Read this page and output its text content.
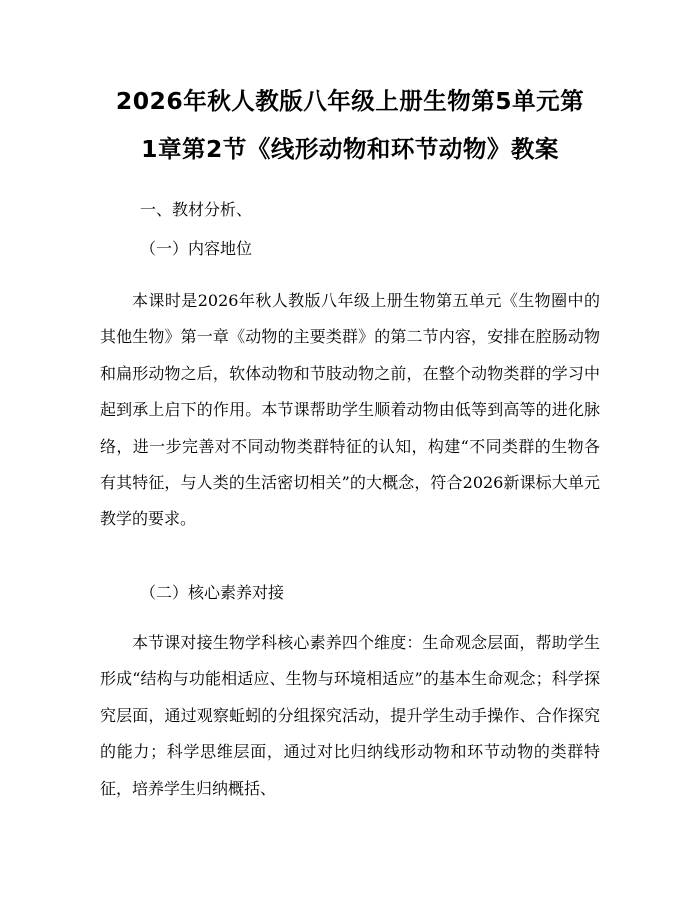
2026年秋人教版八年级上册生物第5单元第
1章第2节《线形动物和环节动物》教案
一、教材分析、
（一）内容地位

本课时是2026年秋人教版八年级上册生物第五单元《生物圈中的其他生物》第一章《动物的主要类群》的第二节内容，安排在腔肠动物和扁形动物之后，软体动物和节肢动物之前，在整个动物类群的学习中起到承上启下的作用。本节课帮助学生顺着动物由低等到高等的进化脉络，进一步完善对不同动物类群特征的认知，构建“不同类群的生物各有其特征，与人类的生活密切相关”的大概念，符合2026新课标大单元教学的要求。

（二）核心素养对接

本节课对接生物学科核心素养四个维度：生命观念层面，帮助学生形成“结构与功能相适应、生物与环境相适应”的基本生命观念；科学探究层面，通过观察蚯蚓的分组探究活动，提升学生动手操作、合作探究的能力；科学思维层面，通过对比归纳线形动物和环节动物的类群特征，培养学生归纳概括、
